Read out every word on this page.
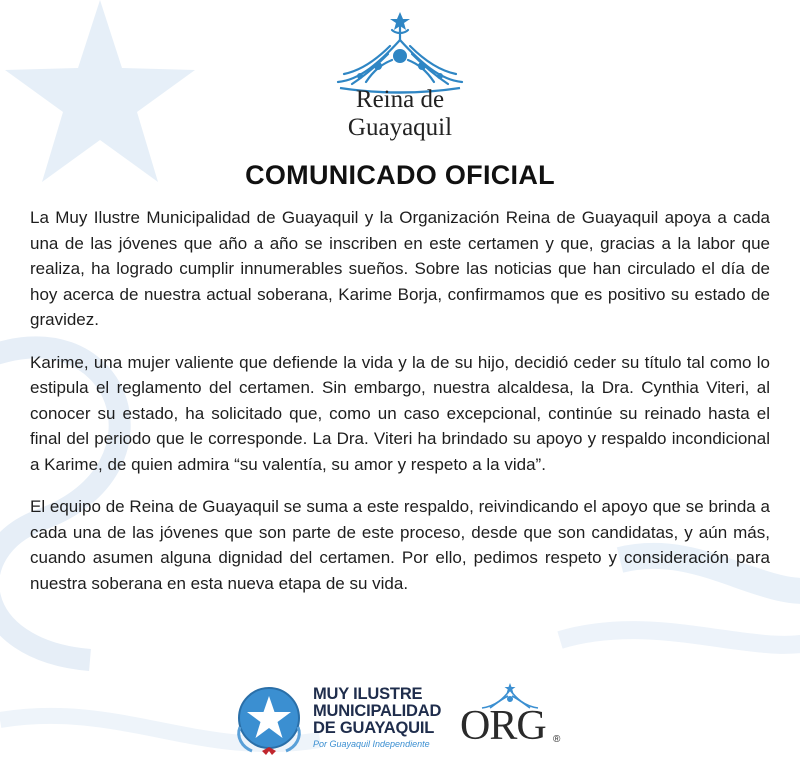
Reina de
Guayaquil
COMUNICADO OFICIAL

La Muy Ilustre Municipalidad de Guayaquil y la Organización Reina de Guayaquil apoya a cada una de las jóvenes que año a año se inscriben en este certamen y que, gracias a la labor que realiza, ha logrado cumplir innumerables sueños. Sobre las noticias que han circulado el día de hoy acerca de nuestra actual soberana, Karime Borja, confirmamos que es positivo su estado de gravidez.

Karime, una mujer valiente que defiende la vida y la de su hijo, decidió ceder su título tal como lo estipula el reglamento del certamen. Sin embargo, nuestra alcaldesa, la Dra. Cynthia Viteri, al conocer su estado, ha solicitado que, como un caso excepcional, continúe su reinado hasta el final del periodo que le corresponde. La Dra. Viteri ha brindado su apoyo y respaldo incondicional a Karime, de quien admira “su valentía, su amor y respeto a la vida”.

El equipo de Reina de Guayaquil se suma a este respaldo, reivindicando el apoyo que se brinda a cada una de las jóvenes que son parte de este proceso, desde que son candidatas, y aún más, cuando asumen alguna dignidad del certamen. Por ello, pedimos respeto y consideración para nuestra soberana en esta nueva etapa de su vida.

MUY ILUSTRE
MUNICIPALIDAD
DE GUAYAQUIL
Por Guayaquil Independiente ORG ®
